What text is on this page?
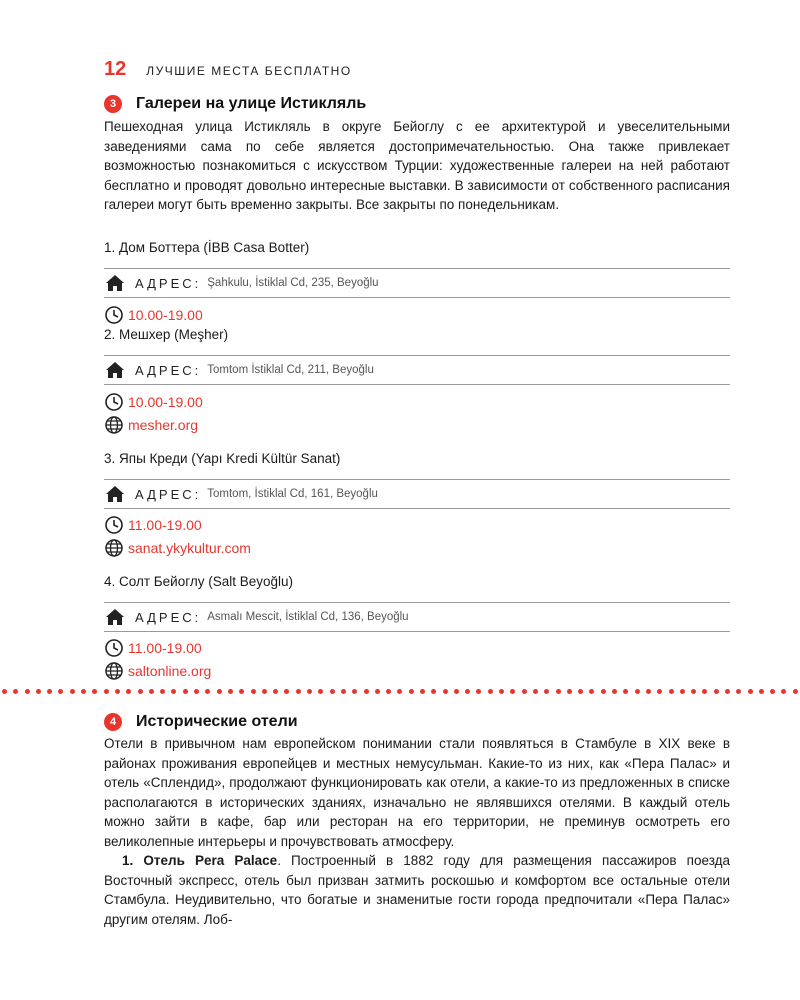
12 ЛУЧШИЕ МЕСТА БЕСПЛАТНО
3	Галереи на улице Истикляль

Пешеходная улица Истикляль в округе Бейоглу с ее архитектурой и увеселительными заведениями сама по себе является достопримечательностью. Она также привлекает возможностью познакомиться с искусством Турции: художественные галереи на ней работают бесплатно и проводят довольно интересные выставки. В зависимости от собственного расписания галереи могут быть временно закрыты. Все закрыты по понедельникам.

1. Дом Боттера (İBB Casa Botter)
АДРЕС: Şahkulu, İstiklal Cd, 235, Beyoğlu
10.00-19.00
2. Мешхер (Meşher)
АДРЕС: Tomtom İstiklal Cd, 211, Beyoğlu
10.00-19.00
mesher.org
3. Япы Креди (Yapı Kredi Kültür Sanat)
АДРЕС: Tomtom, İstiklal Cd, 161, Beyoğlu
11.00-19.00
sanat.ykykultur.com
4. Солт Бейоглу (Salt Beyoğlu)
АДРЕС: Asmalı Mescit, İstiklal Cd, 136, Beyoğlu
11.00-19.00
saltonline.org
4	Исторические отели

Отели в привычном нам европейском понимании стали появляться в Стамбуле в XIX веке в районах проживания европейцев и местных немусульман. Какие-то из них, как «Пера Палас» и отель «Сплендид», продолжают функционировать как отели, а какие-то из предложенных в списке располагаются в исторических зданиях, изначально не являвшихся отелями. В каждый отель можно зайти в кафе, бар или ресторан на его территории, не преминув осмотреть его великолепные интерьеры и прочувствовать атмосферу.

1. Отель Pera Palace. Построенный в 1882 году для размещения пассажиров поезда Восточный экспресс, отель был призван затмить роскошью и комфортом все остальные отели Стамбула. Неудивительно, что богатые и знаменитые гости города предпочитали «Пера Палас» другим отелям. Лоб-
